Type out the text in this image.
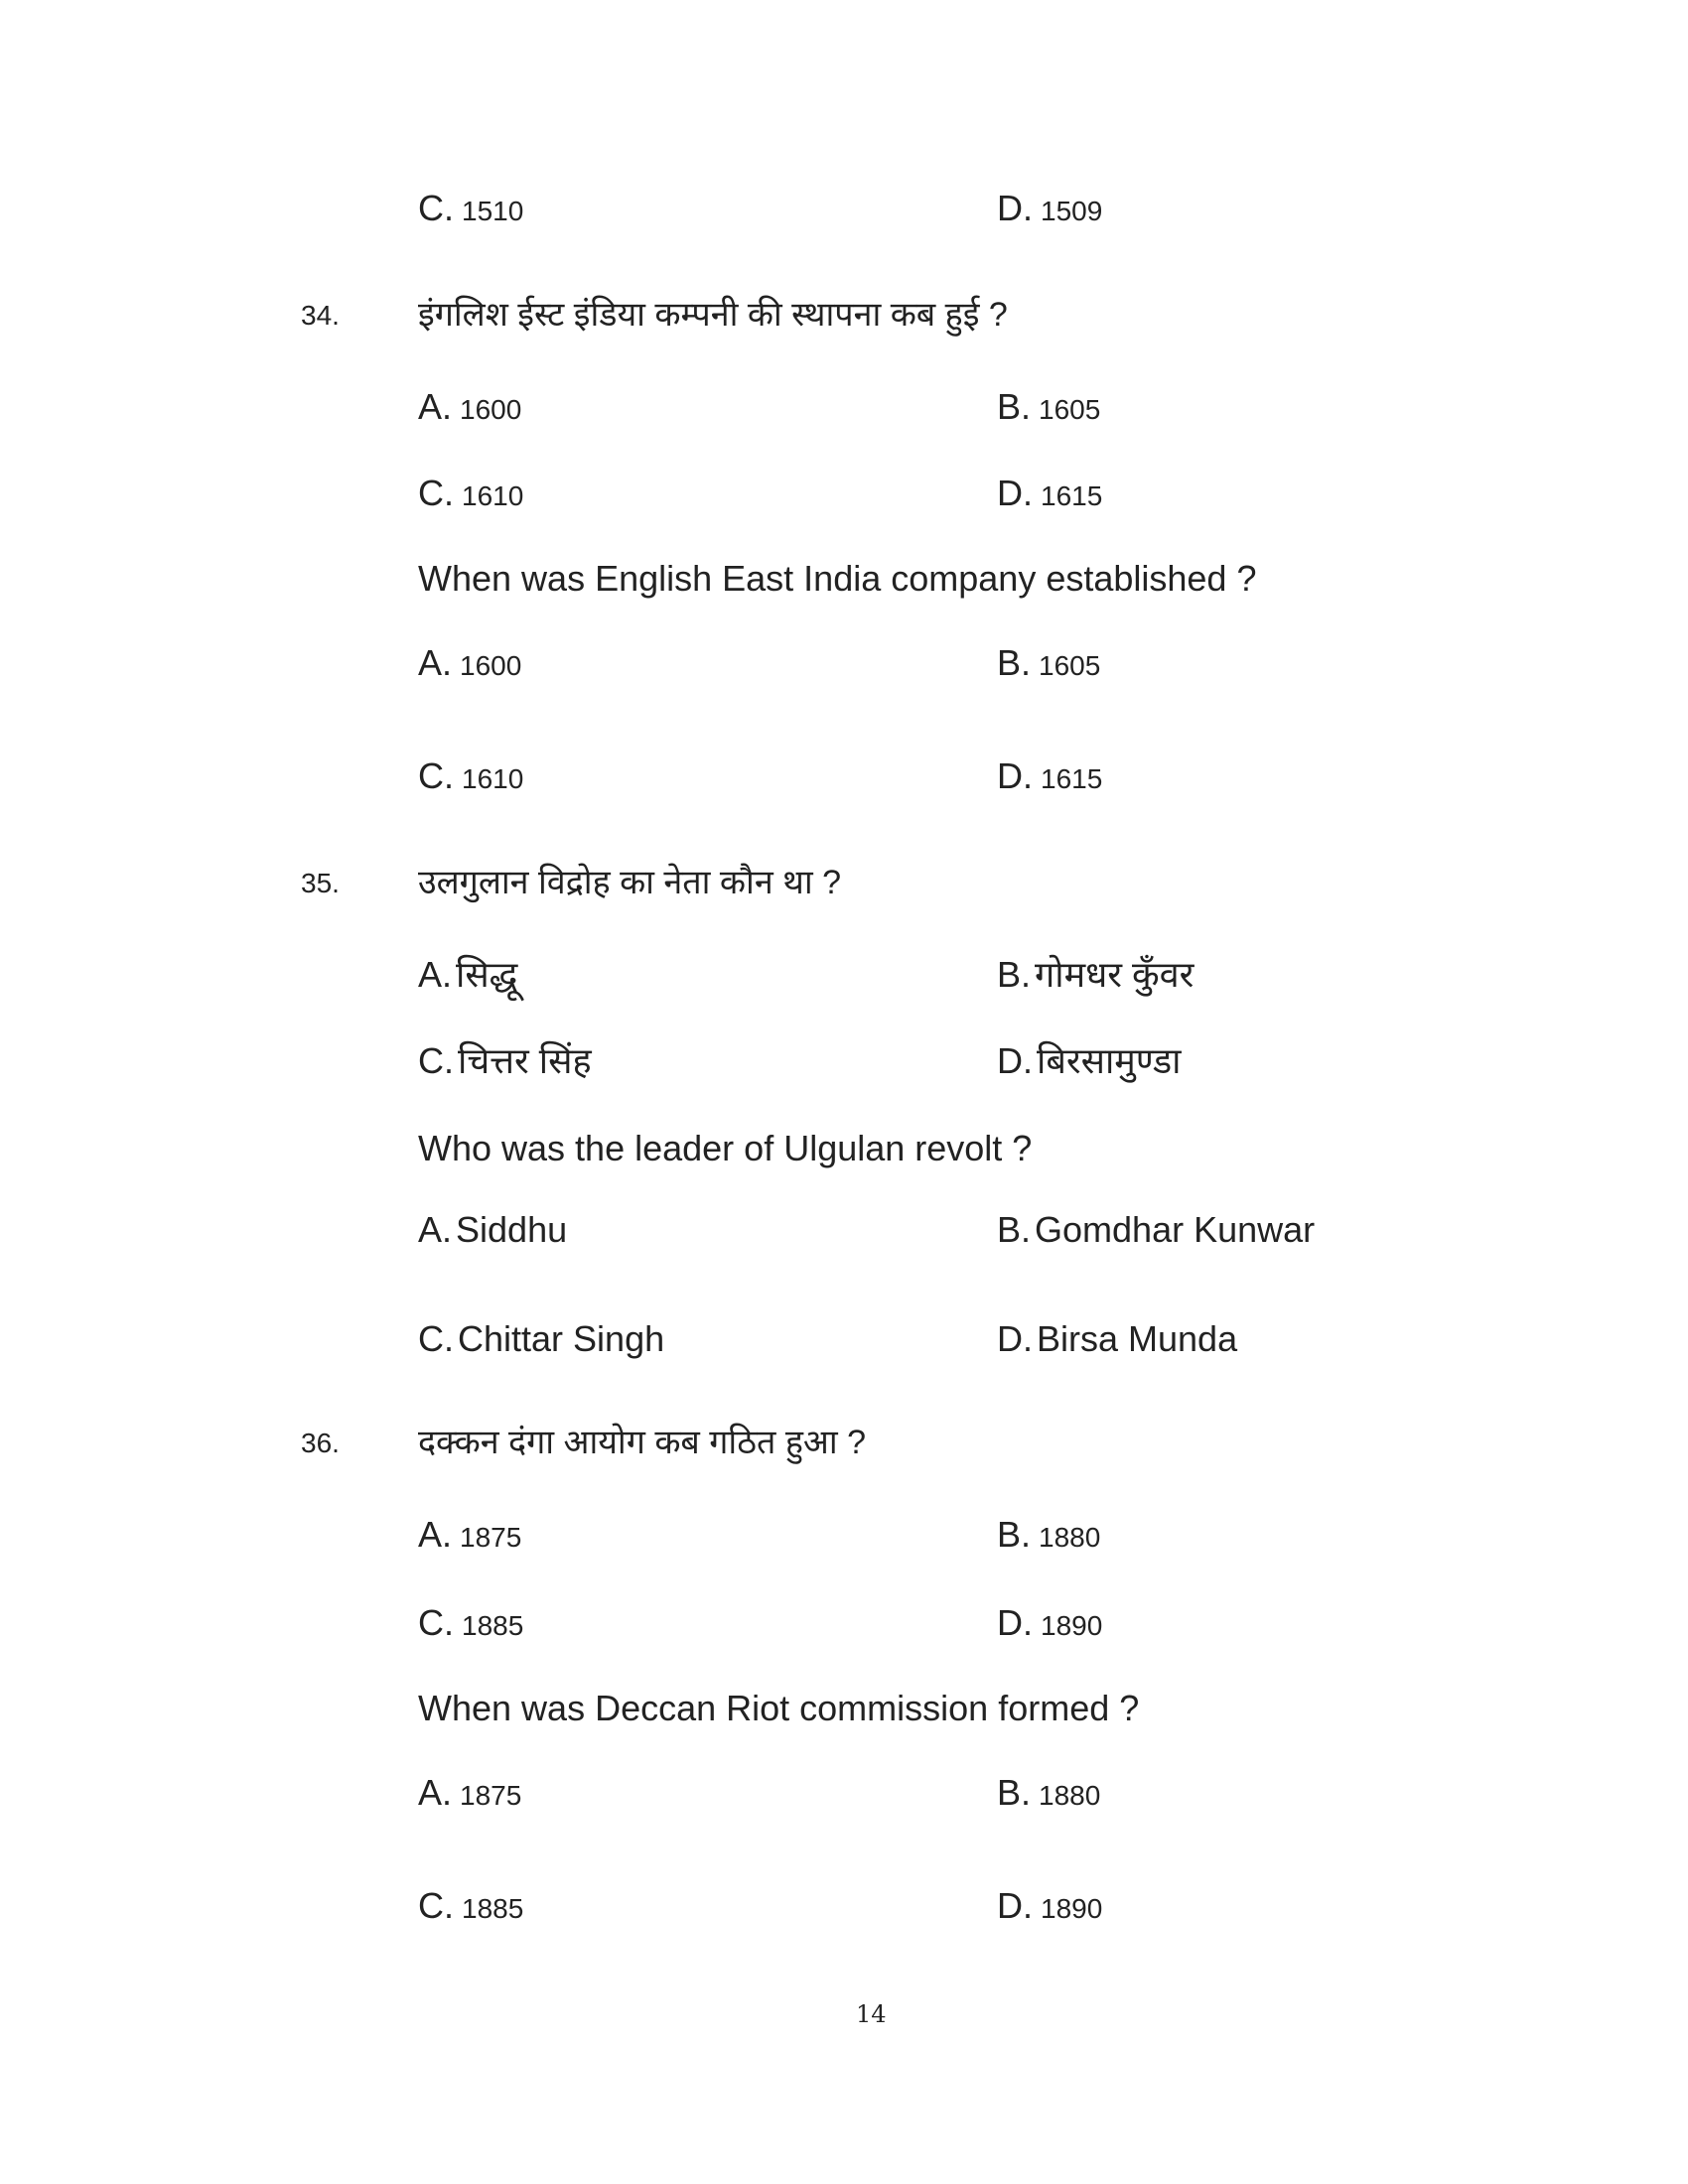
C. 1510	D. 1509
34. इंगलिश ईस्ट इंडिया कम्पनी की स्थापना कब हुई ?
A. 1600	B. 1605
C. 1610	D. 1615
When was English East India company established ?
A. 1600	B. 1605
C. 1610	D. 1615
35. उलगुलान विद्रोह का नेता कौन था ?
A. सिद्धू	B. गोमधर कुँवर
C. चित्तर सिंह	D. बिरसामुण्डा
Who was the leader of Ulgulan revolt ?
A. Siddhu	B. Gomdhar Kunwar
C. Chittar Singh	D. Birsa Munda
36. दक्कन दंगा आयोग कब गठित हुआ ?
A. 1875	B. 1880
C. 1885	D. 1890
When was Deccan Riot commission formed ?
A. 1875	B. 1880
C. 1885	D. 1890
14
